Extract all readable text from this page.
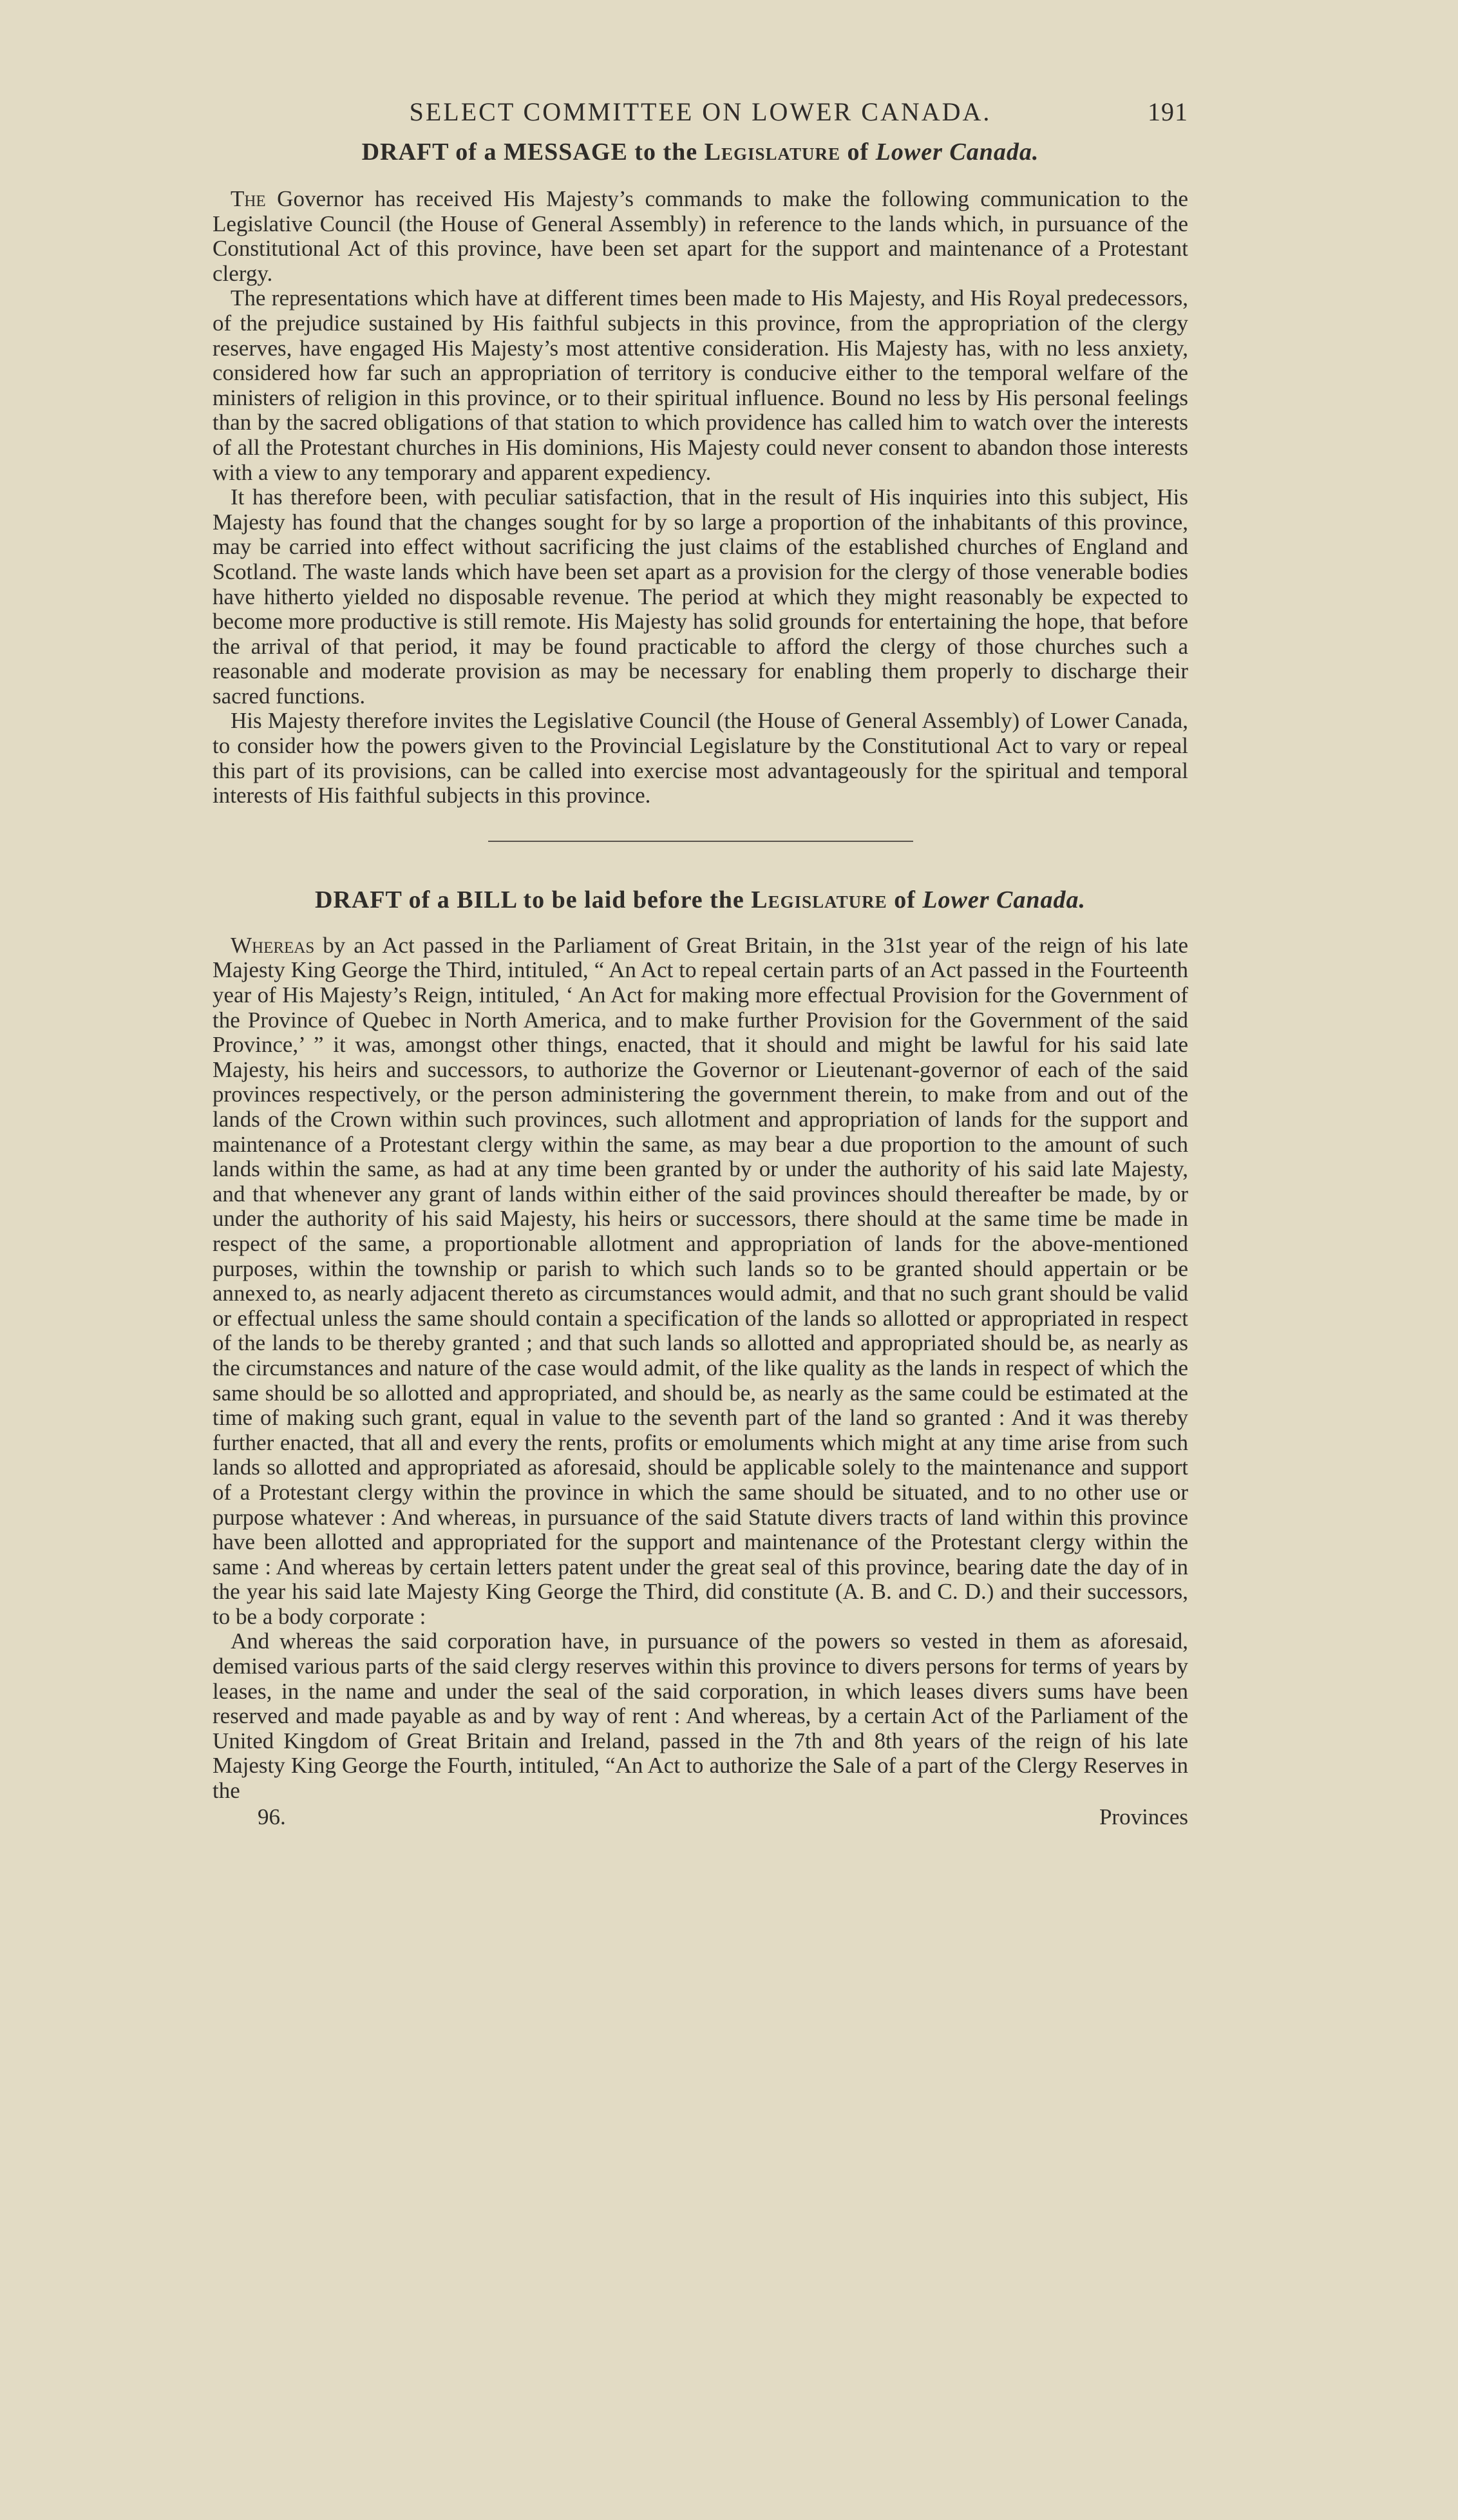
SELECT COMMITTEE ON LOWER CANADA.	191
DRAFT of a MESSAGE to the Legislature of Lower Canada.

The Governor has received His Majesty’s commands to make the following communication to the Legislative Council (the House of General Assembly) in reference to the lands which, in pursuance of the Constitutional Act of this province, have been set apart for the support and maintenance of a Protestant clergy.

The representations which have at different times been made to His Majesty, and His Royal predecessors, of the prejudice sustained by His faithful subjects in this province, from the appropriation of the clergy reserves, have engaged His Majesty’s most attentive consideration. His Majesty has, with no less anxiety, considered how far such an appropriation of territory is conducive either to the temporal welfare of the ministers of religion in this province, or to their spiritual influence. Bound no less by His personal feelings than by the sacred obligations of that station to which providence has called him to watch over the interests of all the Protestant churches in His dominions, His Majesty could never consent to abandon those interests with a view to any temporary and apparent expediency.

It has therefore been, with peculiar satisfaction, that in the result of His inquiries into this subject, His Majesty has found that the changes sought for by so large a proportion of the inhabitants of this province, may be carried into effect without sacrificing the just claims of the established churches of England and Scotland. The waste lands which have been set apart as a provision for the clergy of those venerable bodies have hitherto yielded no disposable revenue. The period at which they might reasonably be expected to become more productive is still remote. His Majesty has solid grounds for entertaining the hope, that before the arrival of that period, it may be found practicable to afford the clergy of those churches such a reasonable and moderate provision as may be necessary for enabling them properly to discharge their sacred functions.

His Majesty therefore invites the Legislative Council (the House of General Assembly) of Lower Canada, to consider how the powers given to the Provincial Legislature by the Constitutional Act to vary or repeal this part of its provisions, can be called into exercise most advantageously for the spiritual and temporal interests of His faithful subjects in this province.

DRAFT of a BILL to be laid before the Legislature of Lower Canada.

Whereas by an Act passed in the Parliament of Great Britain, in the 31st year of the reign of his late Majesty King George the Third, intituled, “ An Act to repeal certain parts of an Act passed in the Fourteenth year of His Majesty’s Reign, intituled, ‘ An Act for making more effectual Provision for the Government of the Province of Quebec in North America, and to make further Provision for the Government of the said Province,’ ” it was, amongst other things, enacted, that it should and might be lawful for his said late Majesty, his heirs and successors, to authorize the Governor or Lieutenant-governor of each of the said provinces respectively, or the person administering the government therein, to make from and out of the lands of the Crown within such provinces, such allotment and appropriation of lands for the support and maintenance of a Protestant clergy within the same, as may bear a due proportion to the amount of such lands within the same, as had at any time been granted by or under the authority of his said late Majesty, and that whenever any grant of lands within either of the said provinces should thereafter be made, by or under the authority of his said Majesty, his heirs or successors, there should at the same time be made in respect of the same, a proportionable allotment and appropriation of lands for the above-mentioned purposes, within the township or parish to which such lands so to be granted should appertain or be annexed to, as nearly adjacent thereto as circumstances would admit, and that no such grant should be valid or effectual unless the same should contain a specification of the lands so allotted or appropriated in respect of the lands to be thereby granted ; and that such lands so allotted and appropriated should be, as nearly as the circumstances and nature of the case would admit, of the like quality as the lands in respect of which the same should be so allotted and appropriated, and should be, as nearly as the same could be estimated at the time of making such grant, equal in value to the seventh part of the land so granted : And it was thereby further enacted, that all and every the rents, profits or emoluments which might at any time arise from such lands so allotted and appropriated as aforesaid, should be applicable solely to the maintenance and support of a Protestant clergy within the province in which the same should be situated, and to no other use or purpose whatever : And whereas, in pursuance of the said Statute divers tracts of land within this province have been allotted and appropriated for the support and maintenance of the Protestant clergy within the same : And whereas by certain letters patent under the great seal of this province, bearing date the day of in the year his said late Majesty King George the Third, did constitute (A. B. and C. D.) and their successors, to be a body corporate :

And whereas the said corporation have, in pursuance of the powers so vested in them as aforesaid, demised various parts of the said clergy reserves within this province to divers persons for terms of years by leases, in the name and under the seal of the said corporation, in which leases divers sums have been reserved and made payable as and by way of rent : And whereas, by a certain Act of the Parliament of the United Kingdom of Great Britain and Ireland, passed in the 7th and 8th years of the reign of his late Majesty King George the Fourth, intituled, “An Act to authorize the Sale of a part of the Clergy Reserves in the

96.	Provinces
